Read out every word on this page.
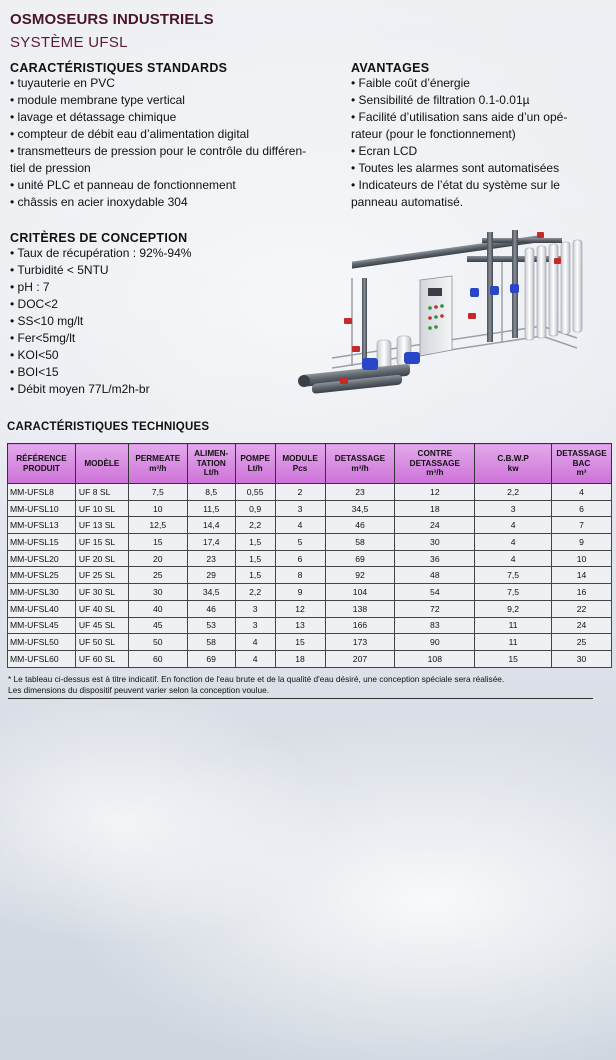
OSMOSEURS INDUSTRIELS
SYSTÈME UFSL
CARACTÉRISTIQUES STANDARDS
• tuyauterie en PVC
• module membrane type vertical
• lavage et détassage chimique
• compteur de débit eau d’alimentation digital
• transmetteurs de pression pour le contrôle du différen-
tiel de pression
• unité PLC et panneau de fonctionnement
• châssis en acier inoxydable 304
AVANTAGES
• Faible coût d’énergie
• Sensibilité de filtration 0.1-0.01µ
• Facilité d’utilisation sans aide d’un opé-
rateur (pour le fonctionnement)
• Ecran LCD
• Toutes les alarmes sont automatisées
• Indicateurs de l’état du système sur le
panneau automatisé.
CRITÈRES DE CONCEPTION
• Taux de récupération : 92%-94%
• Turbidité < 5NTU
• pH : 7
• DOC<2
• SS<10 mg/lt
• Fer<5mg/lt
• KOI<50
• BOI<15
• Débit moyen 77L/m2h-br
CARACTÉRISTIQUES TECHNIQUES
RÉFÉRENCE
PRODUIT	MODÈLE	PERMEATE
m³/h	ALIMEN-
TATION
Lt/h	POMPE
Lt/h	MODULE
Pcs	DETASSAGE
m³/h	CONTRE
DETASSAGE
m³/h	C.B.W.P
kw	DETASSAGE
BAC
m³
MM-UFSL8	UF 8 SL	7,5	8,5	0,55	2	23	12	2,2	4
MM-UFSL10	UF 10 SL	10	11,5	0,9	3	34,5	18	3	6
MM-UFSL13	UF 13 SL	12,5	14,4	2,2	4	46	24	4	7
MM-UFSL15	UF 15 SL	15	17,4	1,5	5	58	30	4	9
MM-UFSL20	UF 20 SL	20	23	1,5	6	69	36	4	10
MM-UFSL25	UF 25 SL	25	29	1,5	8	92	48	7,5	14
MM-UFSL30	UF 30 SL	30	34,5	2,2	9	104	54	7,5	16
MM-UFSL40	UF 40 SL	40	46	3	12	138	72	9,2	22
MM-UFSL45	UF 45 SL	45	53	3	13	166	83	11	24
MM-UFSL50	UF 50 SL	50	58	4	15	173	90	11	25
MM-UFSL60	UF 60 SL	60	69	4	18	207	108	15	30
* Le tableau ci-dessus est à titre indicatif. En fonction de l'eau brute et de la qualité d'eau désiré, une conception spéciale sera réalisée.
Les dimensions du dispositif peuvent varier selon la conception voulue.
